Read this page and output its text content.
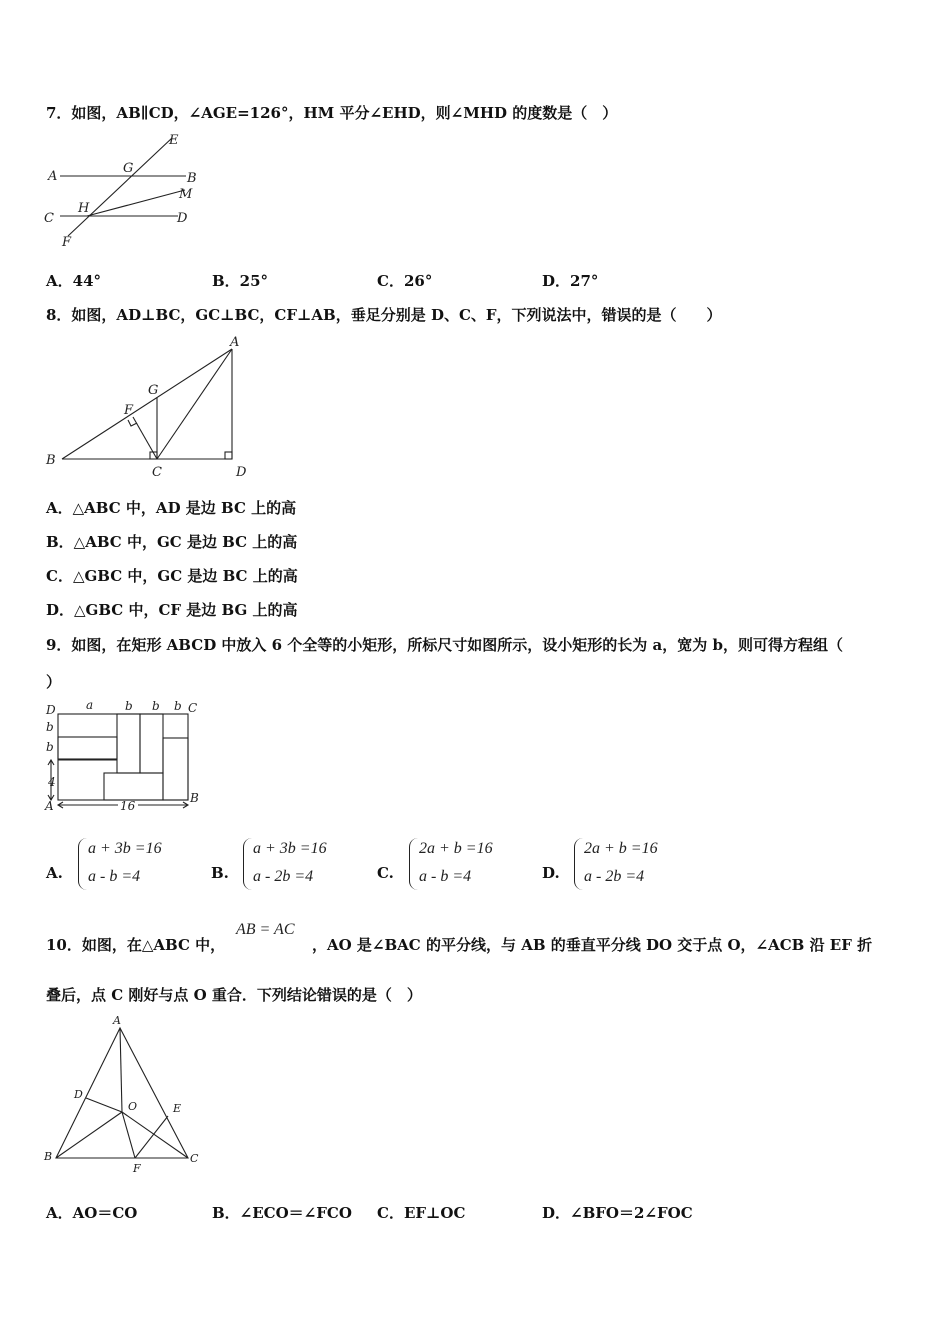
7．如图，AB∥CD，∠AGE=126°，HM 平分∠EHD，则∠MHD 的度数是（　）
A	B
C	D
E
F
G
H
M
A．44°	B．25°	C．26°	D．27°
8．如图，AD⊥BC，GC⊥BC，CF⊥AB，垂足分别是 D、C、F，下列说法中，错误的是（　　）
A
B
C	D
F
G
A．△ABC 中，AD 是边 BC 上的高
B．△ABC 中，GC 是边 BC 上的高
C．△GBC 中，GC 是边 BC 上的高
D．△GBC 中，CF 是边 BG 上的高
9．如图，在矩形 ABCD 中放入 6 个全等的小矩形，所标尺寸如图所示，设小矩形的长为 a，宽为 b，则可得方程组（
）
D	C
A
B
a	b b b
b
b
4
16
A.
a + 3b =16
a - b =4	B.
a + 3b =16
a - 2b =4	C.
2a + b =16
a - b =4	D.
2a + b =16
a - 2b =4
10．如图，在△ABC 中，
AB = AC
，AO 是∠BAC 的平分线，与 AB 的垂直平分线 DO 交于点 O，∠ACB 沿 EF 折
叠后，点 C 刚好与点 O 重合．下列结论错误的是（　）
A
B	C
D
E
F
O
A．AO＝CO	B．∠ECO＝∠FCO C．EF⊥OC	D．∠BFO＝2∠FOC
